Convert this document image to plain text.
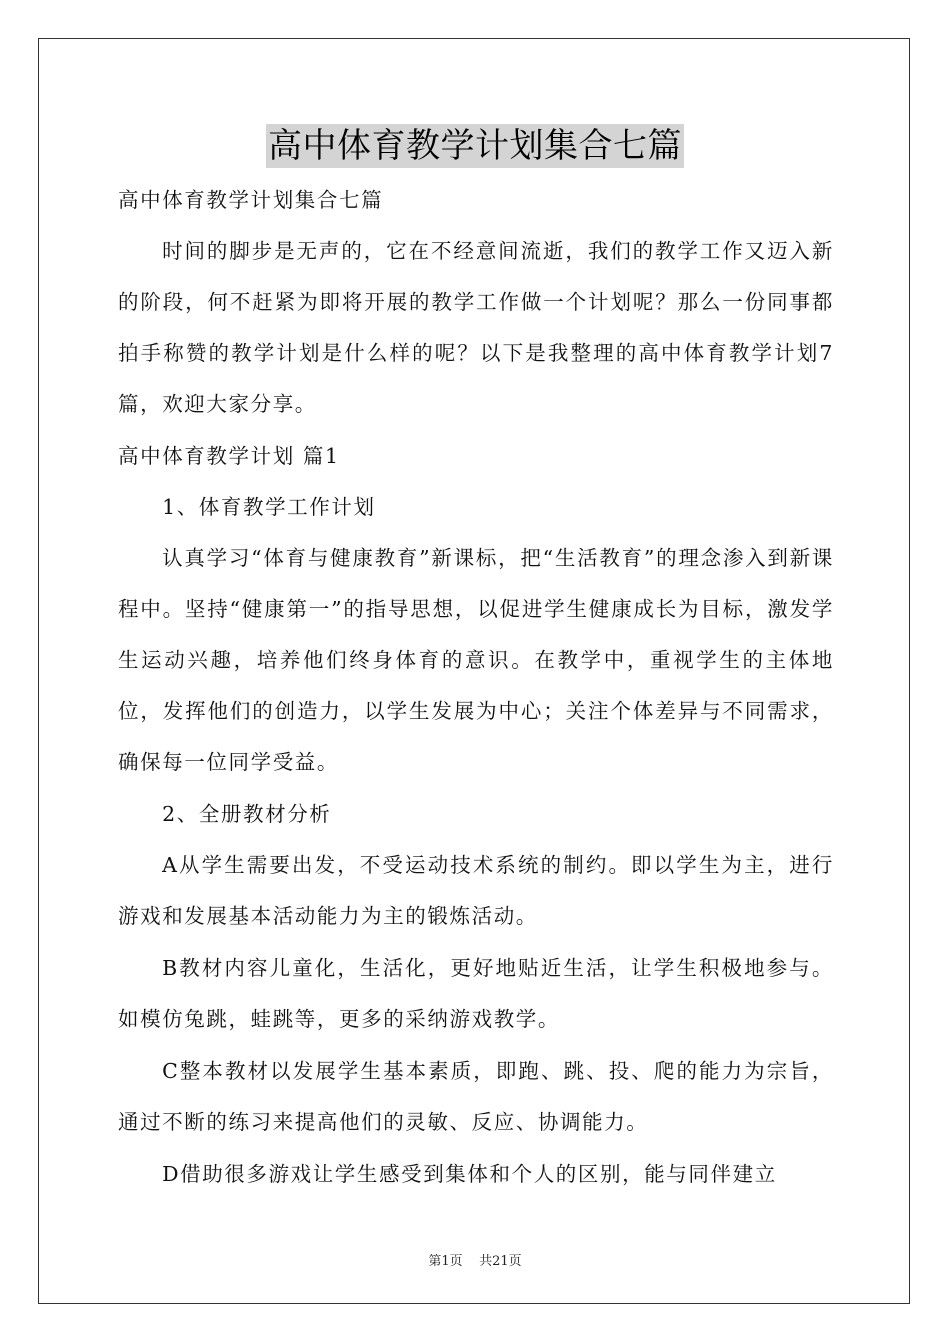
高中体育教学计划集合七篇

高中体育教学计划集合七篇

时间的脚步是无声的，它在不经意间流逝，我们的教学工作又迈入新的阶段，何不赶紧为即将开展的教学工作做一个计划呢？那么一份同事都拍手称赞的教学计划是什么样的呢？以下是我整理的高中体育教学计划7篇，欢迎大家分享。

高中体育教学计划 篇1

1、体育教学工作计划

认真学习“体育与健康教育”新课标，把“生活教育”的理念渗入到新课程中。坚持“健康第一”的指导思想，以促进学生健康成长为目标，激发学生运动兴趣，培养他们终身体育的意识。在教学中，重视学生的主体地位，发挥他们的创造力，以学生发展为中心；关注个体差异与不同需求，确保每一位同学受益。

2、全册教材分析

A从学生需要出发，不受运动技术系统的制约。即以学生为主，进行游戏和发展基本活动能力为主的锻炼活动。

B教材内容儿童化，生活化，更好地贴近生活，让学生积极地参与。如模仿兔跳，蛙跳等，更多的采纳游戏教学。

C整本教材以发展学生基本素质，即跑、跳、投、爬的能力为宗旨，通过不断的练习来提高他们的灵敏、反应、协调能力。

D借助很多游戏让学生感受到集体和个人的区别，能与同伴建立

第1页 共21页
